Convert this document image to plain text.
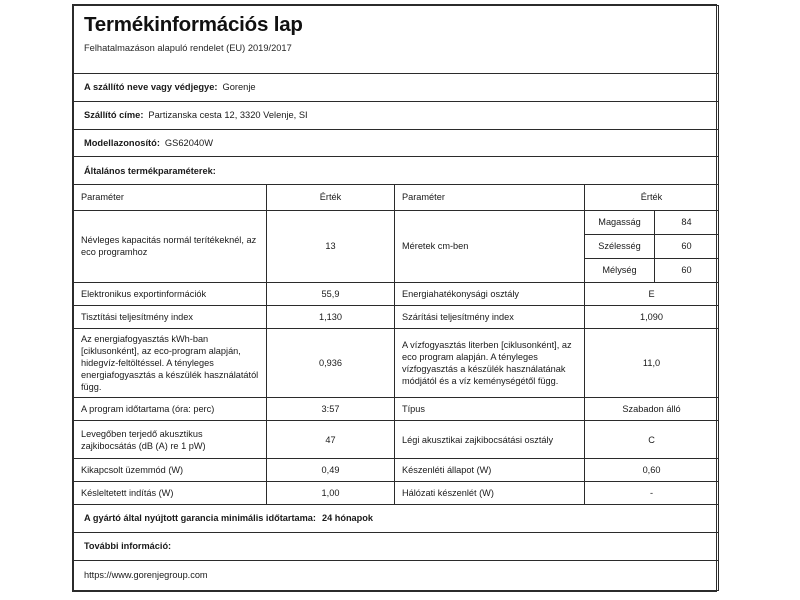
Termékinformációs lap
Felhatalmazáson alapuló rendelet (EU) 2019/2017				

A szállító neve vagy védjegye: Gorenje				
Szállító címe: Partizanska cesta 12, 3320 Velenje, SI				
Modellazonosító: GS62040W				
Általános termékparaméterek:				
Paraméter	Érték	Paraméter	Érték	
Névleges kapacitás normál terítékeknél, az eco programhoz	13	Méretek cm-ben	Magasság	84
			Szélesség	60
			Mélység	60
Elektronikus exportinformációk	55,9	Energiahatékonysági osztály	E	
Tisztítási teljesítmény index	1,130	Szárítási teljesítmény index	1,090	
Az energiafogyasztás kWh-ban [ciklusonként], az eco-program alapján, hidegvíz-feltöltéssel. A tényleges energiafogyasztás a készülék használatától függ.	0,936	A vízfogyasztás literben [ciklusonként], az eco program alapján. A tényleges vízfogyasztás a készülék használatának módjától és a víz keménységétől függ.	11,0	
A program időtartama (óra: perc)	3:57	Típus	Szabadon álló	
Levegőben terjedő akusztikus zajkibocsátás (dB (A) re 1 pW)	47	Légi akusztikai zajkibocsátási osztály	C	
Kikapcsolt üzemmód (W)	0,49	Készenléti állapot (W)	0,60	
Késleltetett indítás (W)	1,00	Hálózati készenlét (W)	-	
A gyártó által nyújtott garancia minimális időtartama: 24 hónapok				
További információ:				
https://www.gorenjegroup.com				
